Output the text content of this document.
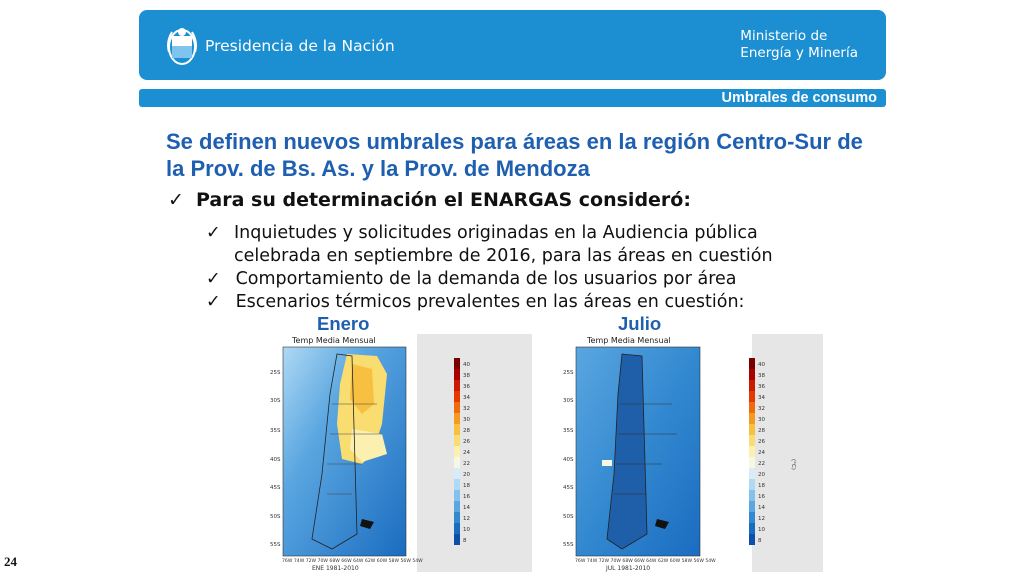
Presidencia de la Nación
Ministerio de
Energía y Minería
Umbrales de consumo
Se definen nuevos umbrales para áreas en la región Centro-Sur de la Prov. de Bs. As. y la Prov. de Mendoza
✓ Para su determinación el ENARGAS consideró:
✓ Inquietudes y solicitudes originadas en la Audiencia pública celebrada en septiembre de 2016, para las áreas en cuestión
✓ Comportamiento de la demanda de los usuarios por área
✓ Escenarios térmicos prevalentes en las áreas en cuestión:
Enero	Julio
Temp Media Mensual
25S
30S
35S
40S
45S
50S
55S
76W 74W 72W 70W 68W 66W 64W 62W 60W 58W 56W 54W
ENE 1981-2010
40
38
36
34
32
30
28
26
24
22
20
18
16
14
12
10
8
Temp Media Mensual
25S
30S
35S
40S
45S
50S
55S
76W 74W 72W 70W 68W 66W 64W 62W 60W 58W 56W 54W
JUL 1981-2010
40
38
36
34
32
30
28
26
24
22
20
18
16
14
12
10
8
(°C)
24
